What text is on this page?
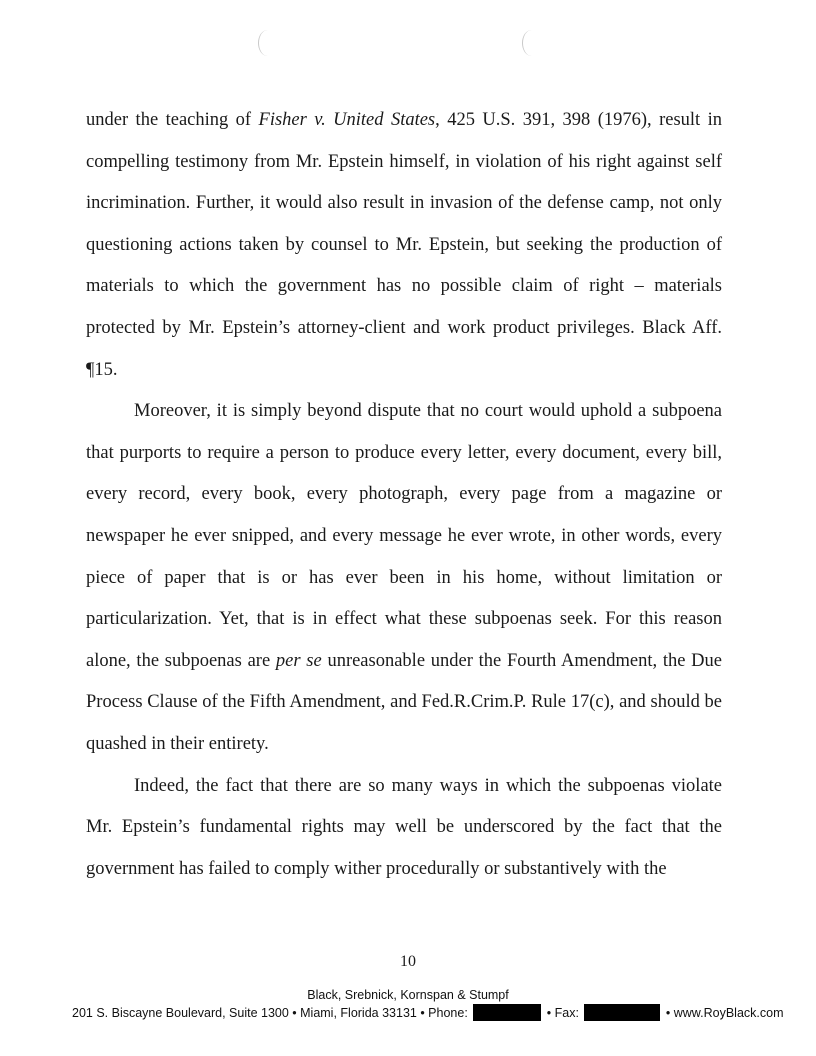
under the teaching of Fisher v. United States, 425 U.S. 391, 398 (1976), result in compelling testimony from Mr. Epstein himself, in violation of his right against self incrimination. Further, it would also result in invasion of the defense camp, not only questioning actions taken by counsel to Mr. Epstein, but seeking the production of materials to which the government has no possible claim of right – materials protected by Mr. Epstein’s attorney-client and work product privileges. Black Aff. ¶15.

Moreover, it is simply beyond dispute that no court would uphold a subpoena that purports to require a person to produce every letter, every document, every bill, every record, every book, every photograph, every page from a magazine or newspaper he ever snipped, and every message he ever wrote, in other words, every piece of paper that is or has ever been in his home, without limitation or particularization. Yet, that is in effect what these subpoenas seek. For this reason alone, the subpoenas are per se unreasonable under the Fourth Amendment, the Due Process Clause of the Fifth Amendment, and Fed.R.Crim.P. Rule 17(c), and should be quashed in their entirety.

Indeed, the fact that there are so many ways in which the subpoenas violate Mr. Epstein’s fundamental rights may well be underscored by the fact that the government has failed to comply wither procedurally or substantively with the

10
Black, Srebnick, Kornspan & Stumpf
201 S. Biscayne Boulevard, Suite 1300 • Miami, Florida 33131 • Phone:	• Fax:	• www.RoyBlack.com
